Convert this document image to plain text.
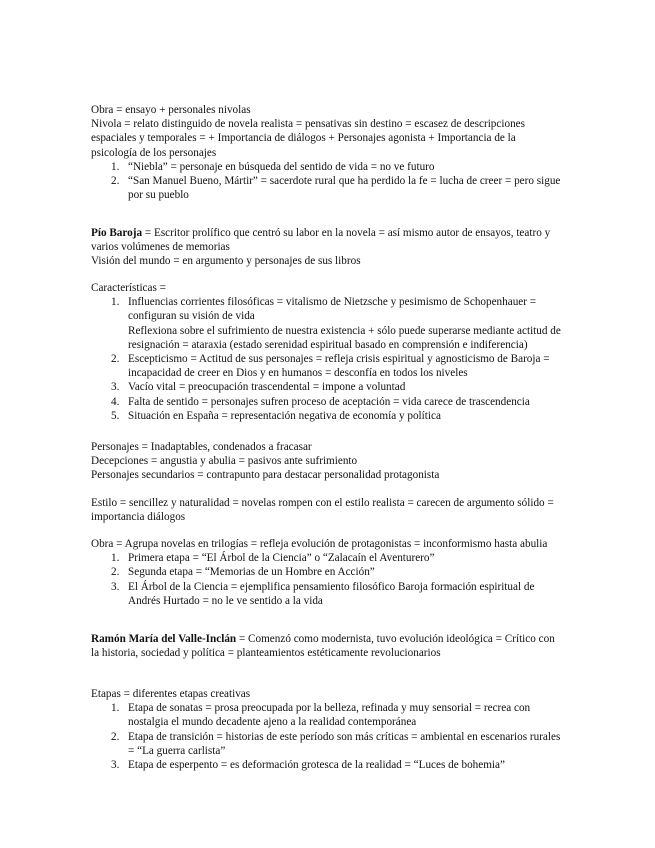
Obra = ensayo + personales nivolas

Nivola = relato distinguido de novela realista = pensativas sin destino = escasez de descripciones espaciales y temporales = + Importancia de diálogos + Personajes agonista + Importancia de la psicología de los personajes

1. “Niebla” = personaje en búsqueda del sentido de vida = no ve futuro
2. “San Manuel Bueno, Mártir” = sacerdote rural que ha perdido la fe = lucha de creer = pero sigue por su pueblo

Pío Baroja = Escritor prolífico que centró su labor en la novela = así mismo autor de ensayos, teatro y varios volúmenes de memorias

Visión del mundo = en argumento y personajes de sus libros

Características =

1. Influencias corrientes filosóficas = vitalismo de Nietzsche y pesimismo de Schopenhauer = configuran su visión de vida
Reflexiona sobre el sufrimiento de nuestra existencia + sólo puede superarse mediante actitud de resignación = ataraxia (estado serenidad espiritual basado en comprensión e indiferencia)
2. Escepticismo = Actitud de sus personajes = refleja crisis espiritual y agnosticismo de Baroja = incapacidad de creer en Dios y en humanos = desconfía en todos los niveles
3. Vacío vital = preocupación trascendental = impone a voluntad
4. Falta de sentido = personajes sufren proceso de aceptación = vida carece de trascendencia
5. Situación en España = representación negativa de economía y política

Personajes = Inadaptables, condenados a fracasar

Decepciones = angustia y abulia = pasivos ante sufrimiento

Personajes secundarios = contrapunto para destacar personalidad protagonista

Estilo = sencillez y naturalidad = novelas rompen con el estilo realista = carecen de argumento sólido = importancia diálogos

Obra = Agrupa novelas en trilogías = refleja evolución de protagonistas = inconformismo hasta abulia

1. Primera etapa = “El Árbol de la Ciencia” o “Zalacaín el Aventurero”
2. Segunda etapa = “Memorias de un Hombre en Acción”
3. El Árbol de la Ciencia = ejemplifica pensamiento filosófico Baroja formación espiritual de Andrés Hurtado = no le ve sentido a la vida

Ramón María del Valle-Inclán = Comenzó como modernista, tuvo evolución ideológica = Crítico con la historia, sociedad y política = planteamientos estéticamente revolucionarios

Etapas = diferentes etapas creativas

1. Etapa de sonatas = prosa preocupada por la belleza, refinada y muy sensorial = recrea con nostalgia el mundo decadente ajeno a la realidad contemporánea
2. Etapa de transición = historias de este período son más críticas = ambiental en escenarios rurales = “La guerra carlista”
3. Etapa de esperpento = es deformación grotesca de la realidad = “Luces de bohemia”
